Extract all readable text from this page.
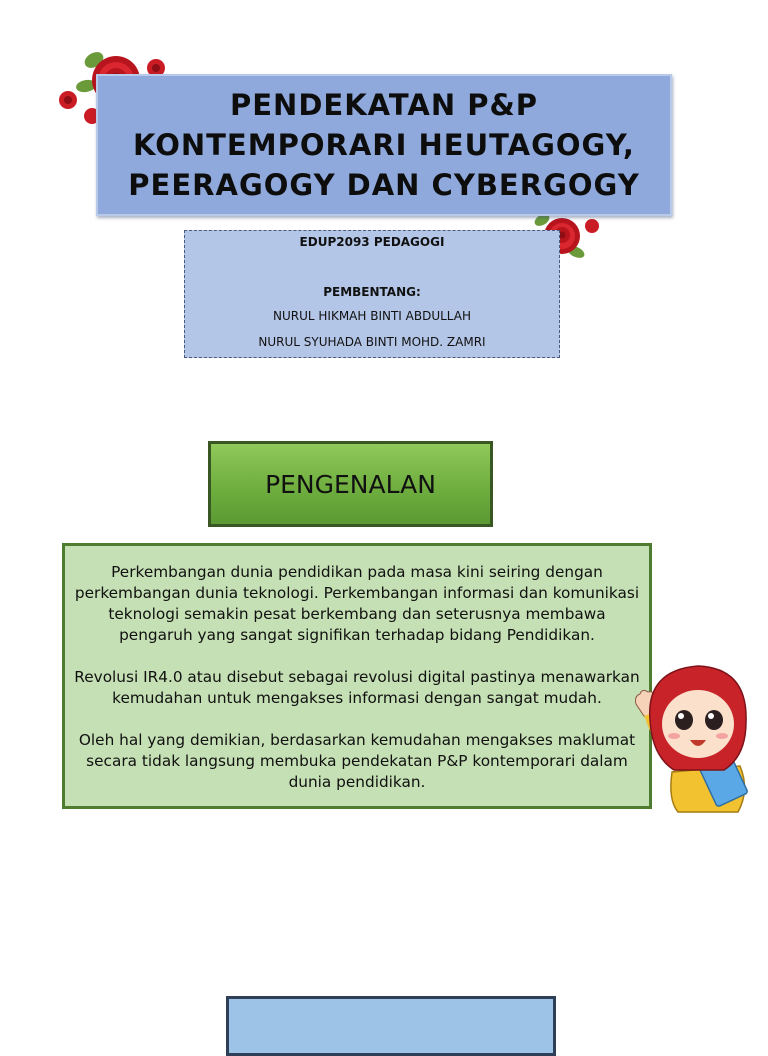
PENDEKATAN P&P
KONTEMPORARI HEUTAGOGY,
PEERAGOGY DAN CYBERGOGY
EDUP2093 PEDAGOGI
PEMBENTANG:
NURUL HIKMAH BINTI ABDULLAH
NURUL SYUHADA BINTI MOHD. ZAMRI
PENGENALAN

Perkembangan dunia pendidikan pada masa kini seiring dengan perkembangan dunia teknologi. Perkembangan informasi dan komunikasi teknologi semakin pesat berkembang dan seterusnya membawa pengaruh yang sangat signifikan terhadap bidang Pendidikan.

Revolusi IR4.0 atau disebut sebagai revolusi digital pastinya menawarkan kemudahan untuk mengakses informasi dengan sangat mudah.

Oleh hal yang demikian, berdasarkan kemudahan mengakses maklumat secara tidak langsung membuka pendekatan P&P kontemporari dalam dunia pendidikan.
